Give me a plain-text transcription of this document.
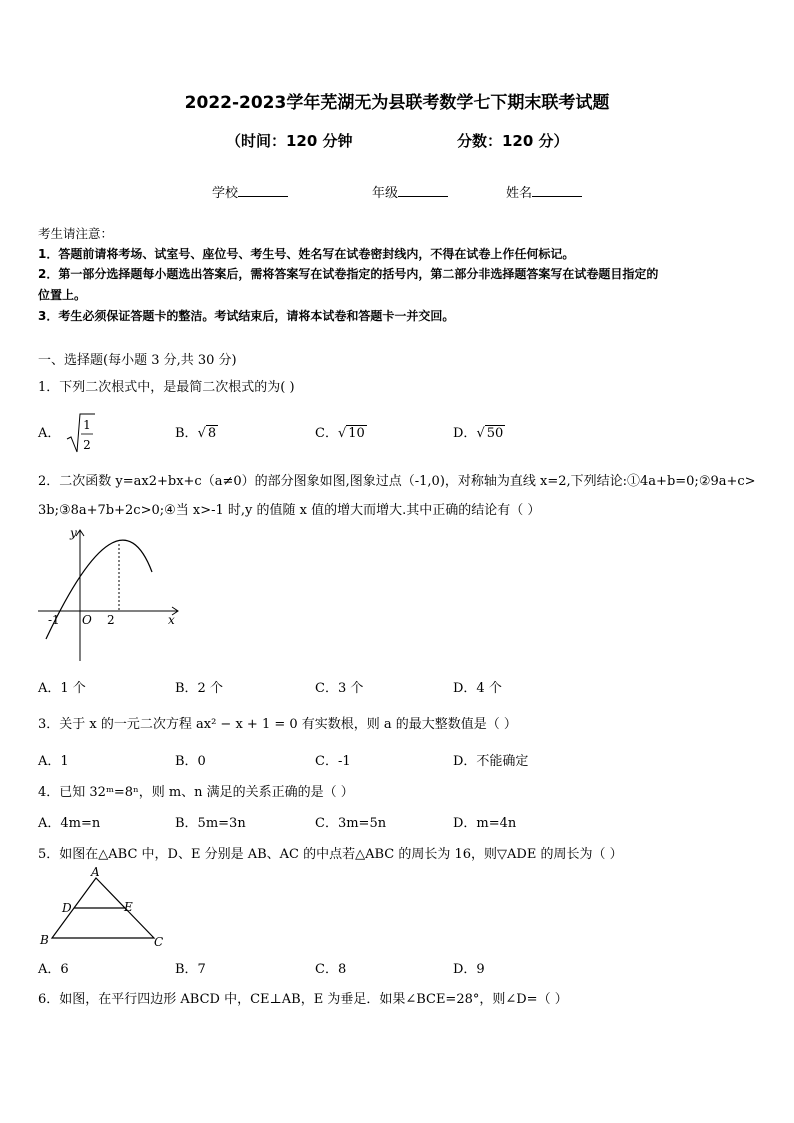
2022-2023学年芜湖无为县联考数学七下期末联考试题
（时间：120 分钟	分数：120 分）
学校	年级	姓名
考生请注意：
1．答题前请将考场、试室号、座位号、考生号、姓名写在试卷密封线内，不得在试卷上作任何标记。
2．第一部分选择题每小题选出答案后，需将答案写在试卷指定的括号内，第二部分非选择题答案写在试卷题目指定的
位置上。
3．考生必须保证答题卡的整洁。考试结束后，请将本试卷和答题卡一并交回。
一、选择题(每小题 3 分,共 30 分)
1．下列二次根式中，是最简二次根式的为( )
A．
1
2
B．√ 8	C．√ 10	D．√ 50
2．二次函数 y=ax2+bx+c（a≠0）的部分图象如图,图象过点（-1,0)，对称轴为直线 x=2,下列结论:①4a+b=0;②9a+c>
3b;③8a+7b+2c>0;④当 x>-1 时,y 的值随 x 值的增大而增大.其中正确的结论有（ ）
y
x
O
-1	2
A．1 个	B．2 个	C．3 个	D．4 个
3．关于 x 的一元二次方程 ax² − x + 1 = 0 有实数根，则 a 的最大整数值是（ ）
A．1	B．0	C．-1	D．不能确定
4．已知 32ᵐ=8ⁿ，则 m、n 满足的关系正确的是（ ）
A．4m=n	B．5m=3n	C．3m=5n	D．m=4n
5．如图在△ABC 中，D、E 分别是 AB、AC 的中点若△ABC 的周长为 16，则▽ADE 的周长为（ ）
A
B	C
D	E
A．6	B．7	C．8	D．9
6．如图，在平行四边形 ABCD 中，CE⊥AB，E 为垂足．如果∠BCE=28°，则∠D=（ ）
